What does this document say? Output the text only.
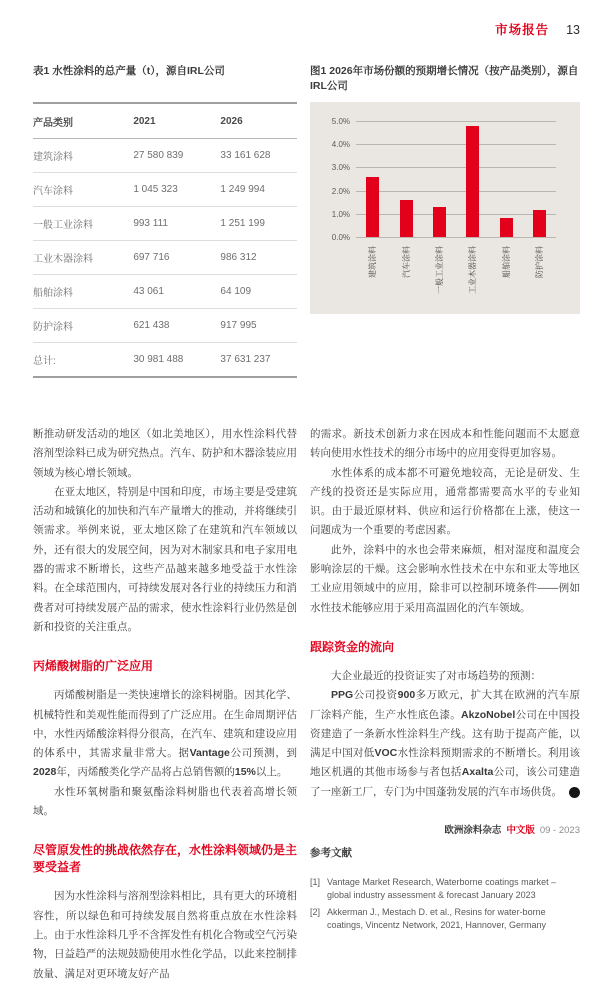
市场报告 13
表1 水性涂料的总产量（t），源自IRL公司
产品类别	2021	2026
建筑涂料	27 580 839	33 161 628
汽车涂料	1 045 323	1 249 994
一般工业涂料	993 111	1 251 199
工业木器涂料	697 716	986 312
船舶涂料	43 061	64 109
防护涂料	621 438	917 995
总计:	30 981 488	37 631 237
图1 2026年市场份额的预期增长情况（按产品类别），源自IRL公司
0.0%
1.0%
2.0%
3.0%
4.0%
5.0%
建筑涂料	汽车涂料	一般工业涂料	工业木器涂料	船舶涂料	防护涂料

断推动研发活动的地区（如北美地区），用水性涂料代替溶剂型涂料已成为研究热点。汽车、防护和木器涂装应用领域为核心增长领域。

在亚太地区，特别是中国和印度，市场主要是受建筑活动和城镇化的加快和汽车产量增大的推动，并将继续引领需求。举例来说，亚太地区除了在建筑和汽车领域以外，还有很大的发展空间，因为对木制家具和电子家用电器的需求不断增长，这些产品越来越多地受益于水性涂料。在全球范围内，可持续发展对各行业的持续压力和消费者对可持续发展产品的需求，使水性涂料行业仍然是创新和投资的关注重点。

丙烯酸树脂的广泛应用

丙烯酸树脂是一类快速增长的涂料树脂。因其化学、机械特性和美观性能而得到了广泛应用。在生命周期评估中，水性丙烯酸涂料得分很高，在汽车、建筑和建设应用的体系中，其需求量非常大。据Vantage公司预测，到2028年，丙烯酸类化学产品将占总销售额的15%以上。

水性环氧树脂和聚氨酯涂料树脂也代表着高增长领域。

尽管原发性的挑战依然存在，水性涂料领域仍是主要受益者

因为水性涂料与溶剂型涂料相比，具有更大的环境相容性，所以绿色和可持续发展自然将重点放在水性涂料上。由于水性涂料几乎不含挥发性有机化合物或空气污染物，日益趋严的法规鼓励使用水性化学品，以此来控制排放量、满足对更环境友好产品

的需求。新技术创新力求在因成本和性能问题而不太愿意转向使用水性技术的细分市场中的应用变得更加容易。

水性体系的成本都不可避免地较高，无论是研发、生产线的投资还是实际应用，通常都需要高水平的专业知识。由于最近原材料、供应和运行价格都在上涨，使这一问题成为一个重要的考虑因素。

此外，涂料中的水也会带来麻烦，相对湿度和温度会影响涂层的干燥。这会影响水性技术在中东和亚太等地区工业应用领域中的应用，除非可以控制环境条件——例如水性技术能够应用于采用高温固化的汽车领域。

跟踪资金的流向

大企业最近的投资证实了对市场趋势的预测：

PPG公司投资900多万欧元，扩大其在欧洲的汽车原厂涂料产能，生产水性底色漆。AkzoNobel公司在中国投资建造了一条新水性涂料生产线。这有助于提高产能，以满足中国对低VOC水性涂料预期需求的不断增长。利用该地区机遇的其他市场参与者包括Axalta公司，该公司建造了一座新工厂，专门为中国蓬勃发展的汽车市场供货。	❮

参考文献
[1] Vantage Market Research, Waterborne coatings market – global industry assessment & forecast January 2023
[2] Akkerman J., Mestach D. et al., Resins for water-borne coatings, Vincentz Network, 2021, Hannover, Germany
欧洲涂料杂志 中文版 09 - 2023
